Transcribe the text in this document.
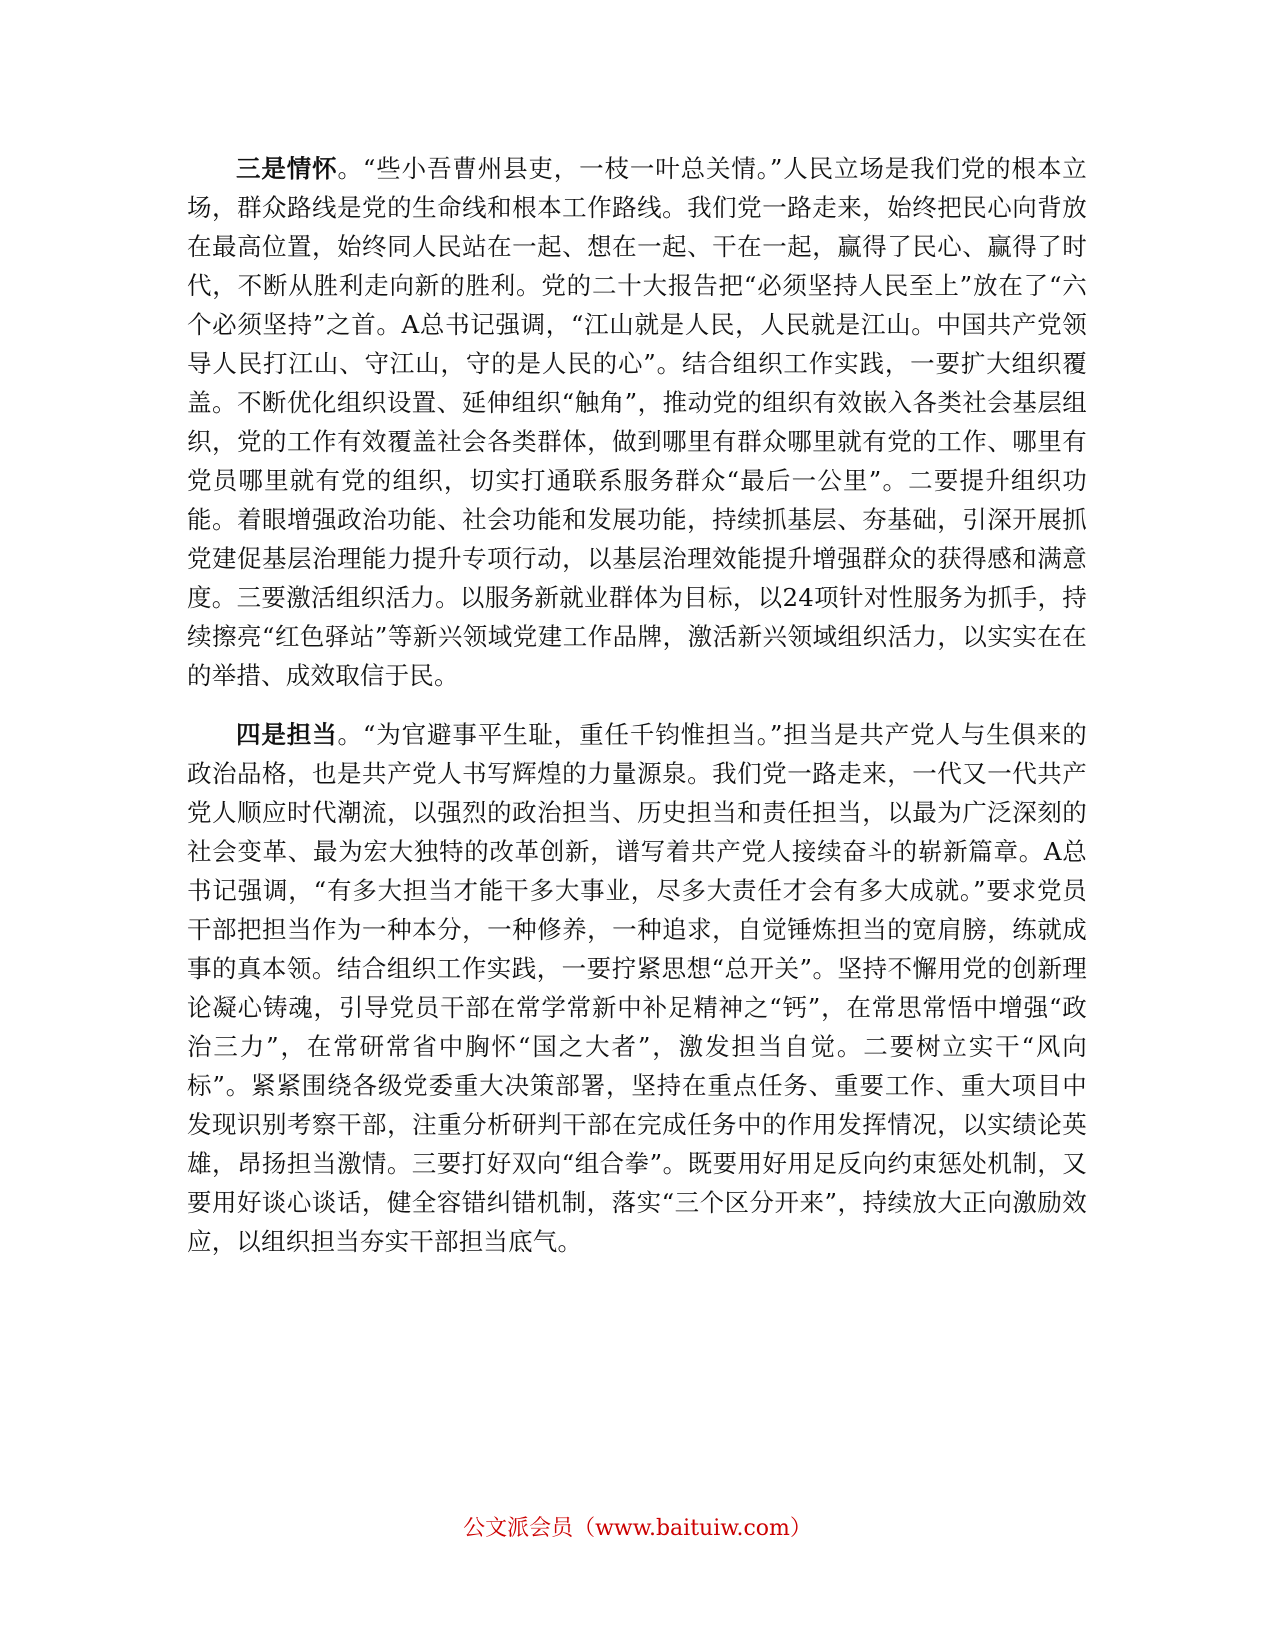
三是情怀。“些小吾曹州县吏，一枝一叶总关情。”人民立场是我们党的根本立场，群众路线是党的生命线和根本工作路线。我们党一路走来，始终把民心向背放在最高位置，始终同人民站在一起、想在一起、干在一起，赢得了民心、赢得了时代，不断从胜利走向新的胜利。党的二十大报告把“必须坚持人民至上”放在了“六个必须坚持”之首。A总书记强调，“江山就是人民，人民就是江山。中国共产党领导人民打江山、守江山，守的是人民的心”。结合组织工作实践，一要扩大组织覆盖。不断优化组织设置、延伸组织“触角”，推动党的组织有效嵌入各类社会基层组织，党的工作有效覆盖社会各类群体，做到哪里有群众哪里就有党的工作、哪里有党员哪里就有党的组织，切实打通联系服务群众“最后一公里”。二要提升组织功能。着眼增强政治功能、社会功能和发展功能，持续抓基层、夯基础，引深开展抓党建促基层治理能力提升专项行动，以基层治理效能提升增强群众的获得感和满意度。三要激活组织活力。以服务新就业群体为目标，以24项针对性服务为抓手，持续擦亮“红色驿站”等新兴领域党建工作品牌，激活新兴领域组织活力，以实实在在的举措、成效取信于民。

四是担当。“为官避事平生耻，重任千钧惟担当。”担当是共产党人与生俱来的政治品格，也是共产党人书写辉煌的力量源泉。我们党一路走来，一代又一代共产党人顺应时代潮流，以强烈的政治担当、历史担当和责任担当，以最为广泛深刻的社会变革、最为宏大独特的改革创新，谱写着共产党人接续奋斗的崭新篇章。A总书记强调，“有多大担当才能干多大事业，尽多大责任才会有多大成就。”要求党员干部把担当作为一种本分，一种修养，一种追求，自觉锤炼担当的宽肩膀，练就成事的真本领。结合组织工作实践，一要拧紧思想“总开关”。坚持不懈用党的创新理论凝心铸魂，引导党员干部在常学常新中补足精神之“钙”，在常思常悟中增强“政治三力”，在常研常省中胸怀“国之大者”，激发担当自觉。二要树立实干“风向标”。紧紧围绕各级党委重大决策部署，坚持在重点任务、重要工作、重大项目中发现识别考察干部，注重分析研判干部在完成任务中的作用发挥情况，以实绩论英雄，昂扬担当激情。三要打好双向“组合拳”。既要用好用足反向约束惩处机制，又要用好谈心谈话，健全容错纠错机制，落实“三个区分开来”，持续放大正向激励效应，以组织担当夯实干部担当底气。

公文派会员（www.baituiw.com）
